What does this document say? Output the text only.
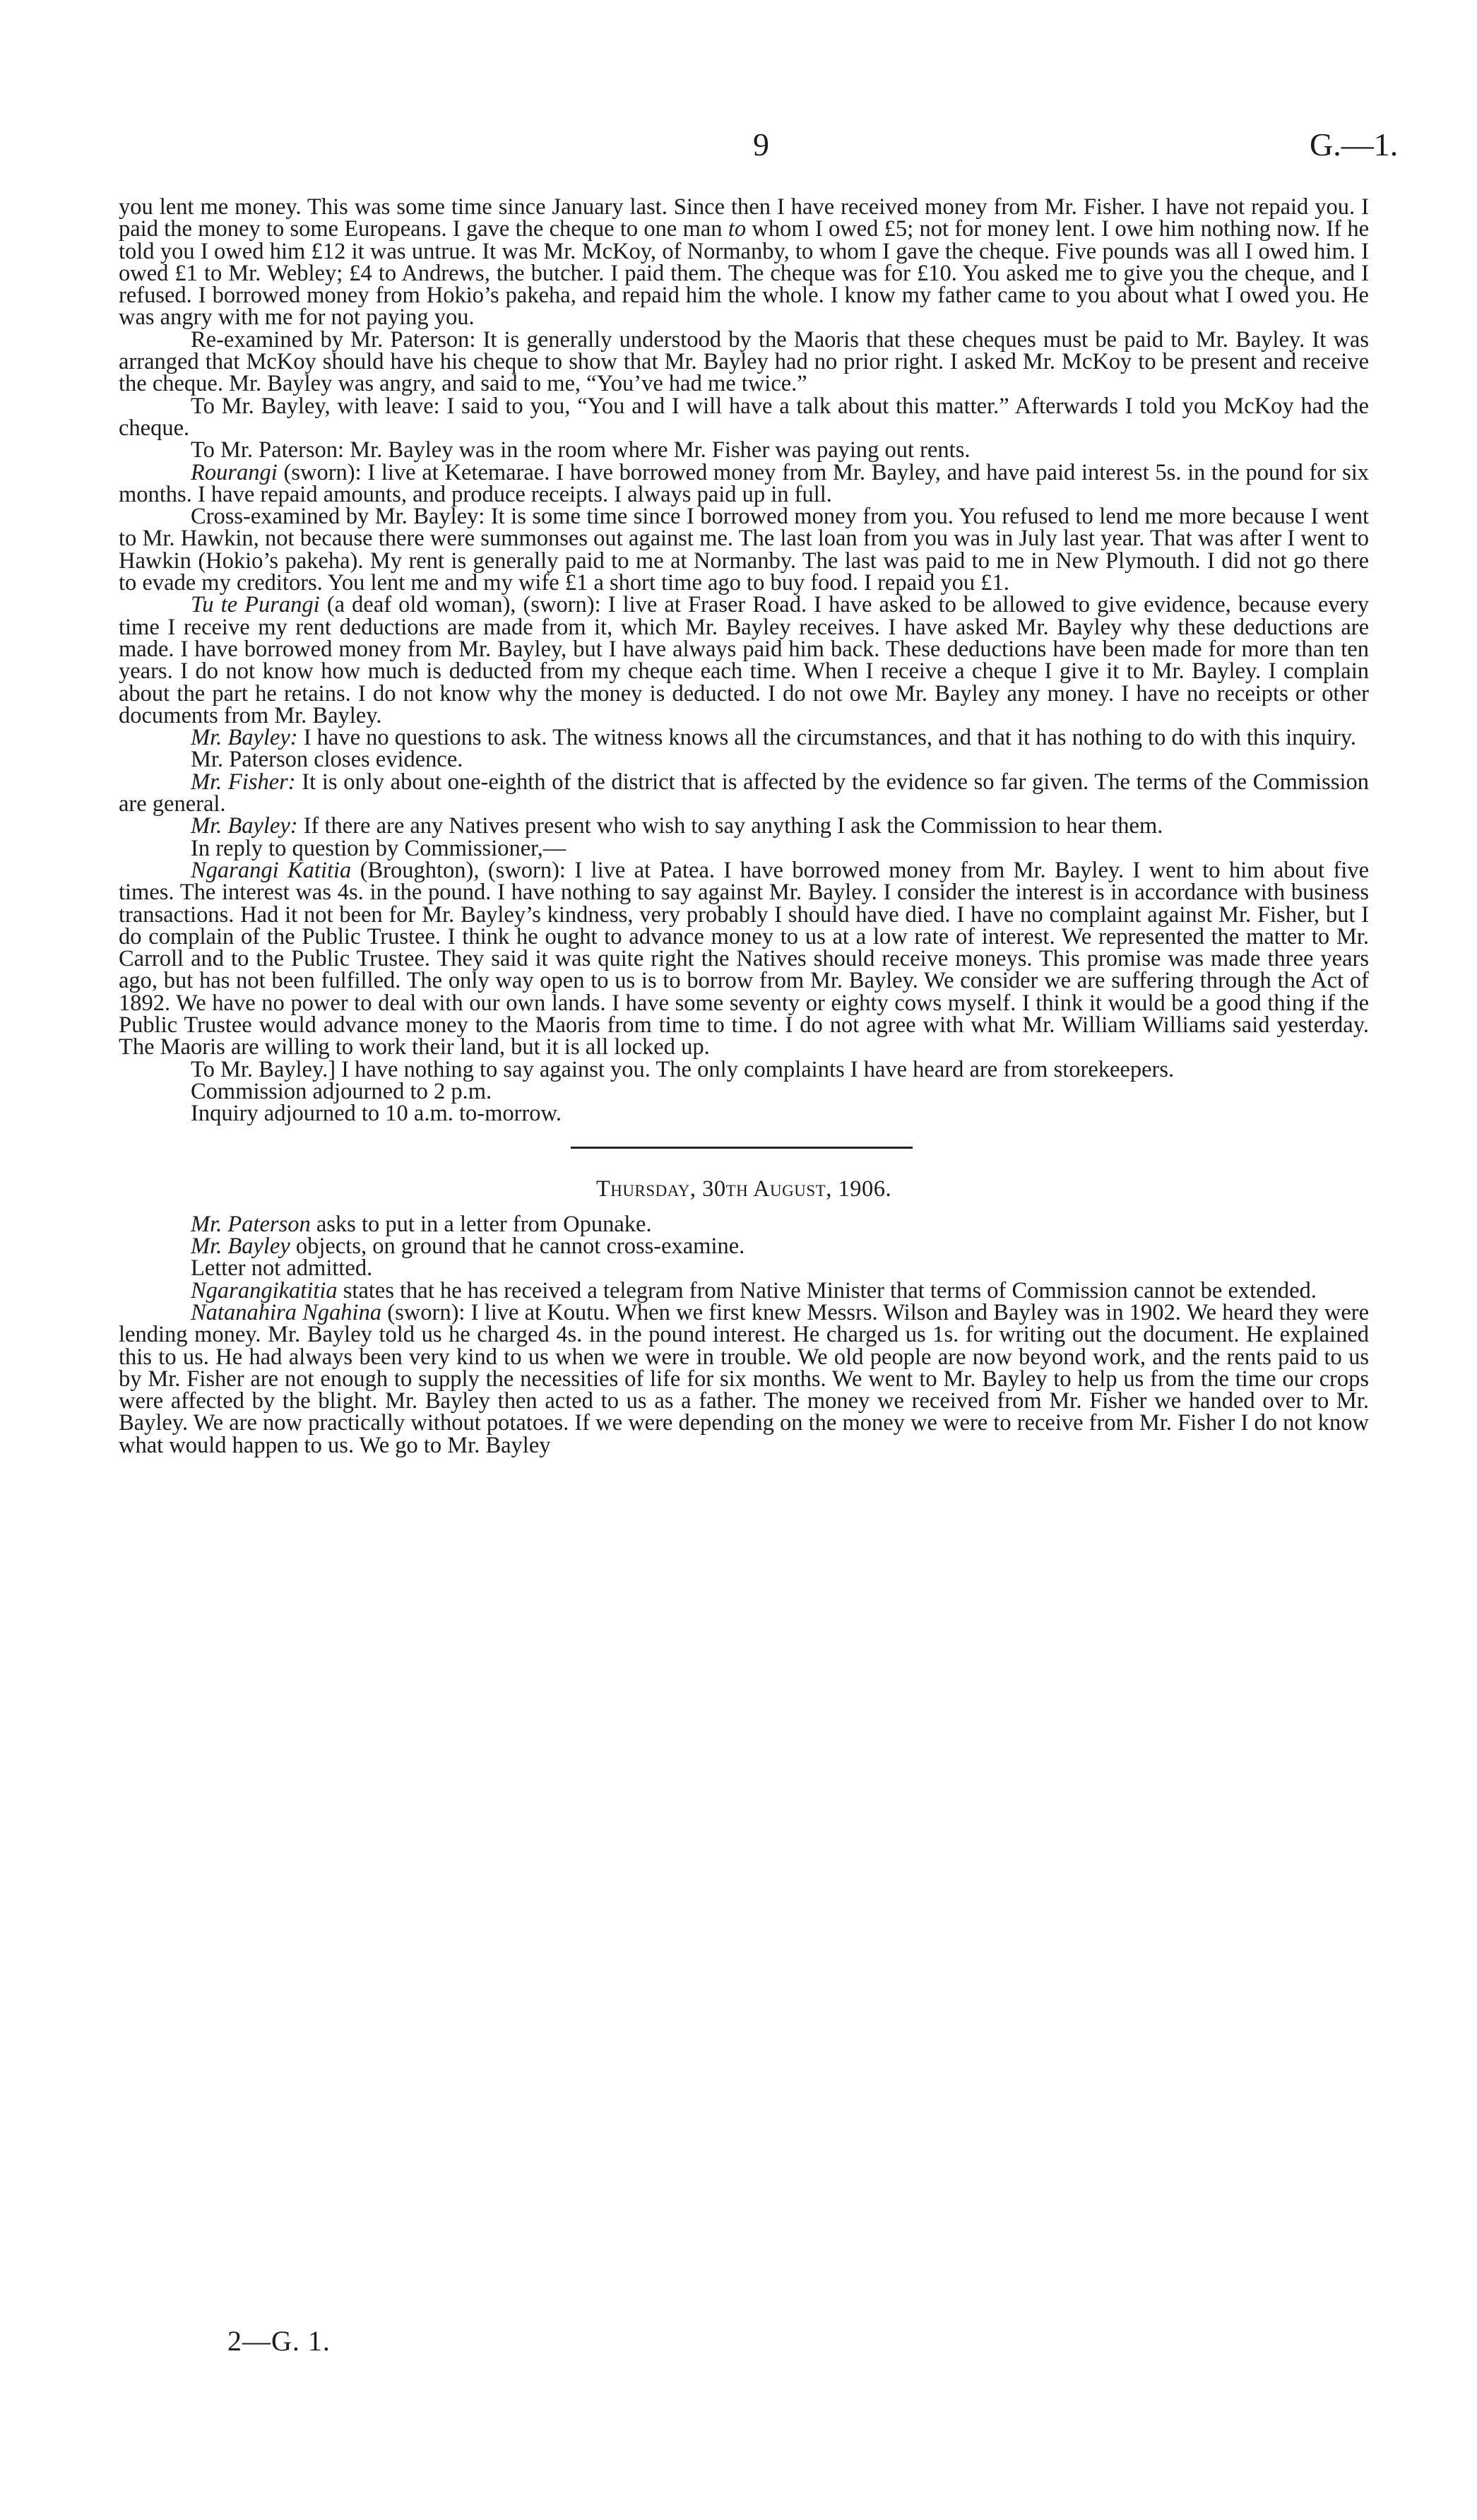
9	G.—1.

you lent me money. This was some time since January last. Since then I have received money from Mr. Fisher. I have not repaid you. I paid the money to some Europeans. I gave the cheque to one man to whom I owed £5; not for money lent. I owe him nothing now. If he told you I owed him £12 it was untrue. It was Mr. McKoy, of Normanby, to whom I gave the cheque. Five pounds was all I owed him. I owed £1 to Mr. Webley; £4 to Andrews, the butcher. I paid them. The cheque was for £10. You asked me to give you the cheque, and I refused. I borrowed money from Hokio’s pakeha, and repaid him the whole. I know my father came to you about what I owed you. He was angry with me for not paying you.

Re-examined by Mr. Paterson: It is generally understood by the Maoris that these cheques must be paid to Mr. Bayley. It was arranged that McKoy should have his cheque to show that Mr. Bayley had no prior right. I asked Mr. McKoy to be present and receive the cheque. Mr. Bayley was angry, and said to me, “You’ve had me twice.”

To Mr. Bayley, with leave: I said to you, “You and I will have a talk about this matter.” Afterwards I told you McKoy had the cheque.

To Mr. Paterson: Mr. Bayley was in the room where Mr. Fisher was paying out rents.

Rourangi (sworn): I live at Ketemarae. I have borrowed money from Mr. Bayley, and have paid interest 5s. in the pound for six months. I have repaid amounts, and produce receipts. I always paid up in full.

Cross-examined by Mr. Bayley: It is some time since I borrowed money from you. You refused to lend me more because I went to Mr. Hawkin, not because there were summonses out against me. The last loan from you was in July last year. That was after I went to Hawkin (Hokio’s pakeha). My rent is generally paid to me at Normanby. The last was paid to me in New Plymouth. I did not go there to evade my creditors. You lent me and my wife £1 a short time ago to buy food. I repaid you £1.

Tu te Purangi (a deaf old woman), (sworn): I live at Fraser Road. I have asked to be allowed to give evidence, because every time I receive my rent deductions are made from it, which Mr. Bayley receives. I have asked Mr. Bayley why these deductions are made. I have borrowed money from Mr. Bayley, but I have always paid him back. These deductions have been made for more than ten years. I do not know how much is deducted from my cheque each time. When I receive a cheque I give it to Mr. Bayley. I complain about the part he retains. I do not know why the money is deducted. I do not owe Mr. Bayley any money. I have no receipts or other documents from Mr. Bayley.

Mr. Bayley: I have no questions to ask. The witness knows all the circumstances, and that it has nothing to do with this inquiry.

Mr. Paterson closes evidence.

Mr. Fisher: It is only about one-eighth of the district that is affected by the evidence so far given. The terms of the Commission are general.

Mr. Bayley: If there are any Natives present who wish to say anything I ask the Commission to hear them.

In reply to question by Commissioner,—

Ngarangi Katitia (Broughton), (sworn): I live at Patea. I have borrowed money from Mr. Bayley. I went to him about five times. The interest was 4s. in the pound. I have nothing to say against Mr. Bayley. I consider the interest is in accordance with business transactions. Had it not been for Mr. Bayley’s kindness, very probably I should have died. I have no complaint against Mr. Fisher, but I do complain of the Public Trustee. I think he ought to advance money to us at a low rate of interest. We represented the matter to Mr. Carroll and to the Public Trustee. They said it was quite right the Natives should receive moneys. This promise was made three years ago, but has not been fulfilled. The only way open to us is to borrow from Mr. Bayley. We consider we are suffering through the Act of 1892. We have no power to deal with our own lands. I have some seventy or eighty cows myself. I think it would be a good thing if the Public Trustee would advance money to the Maoris from time to time. I do not agree with what Mr. William Williams said yesterday. The Maoris are willing to work their land, but it is all locked up.

To Mr. Bayley.] I have nothing to say against you. The only complaints I have heard are from storekeepers.

Commission adjourned to 2 p.m.

Inquiry adjourned to 10 a.m. to-morrow.

Thursday, 30th August, 1906.

Mr. Paterson asks to put in a letter from Opunake.

Mr. Bayley objects, on ground that he cannot cross-examine.

Letter not admitted.

Ngarangikatitia states that he has received a telegram from Native Minister that terms of Commission cannot be extended.

Natanahira Ngahina (sworn): I live at Koutu. When we first knew Messrs. Wilson and Bayley was in 1902. We heard they were lending money. Mr. Bayley told us he charged 4s. in the pound interest. He charged us 1s. for writing out the document. He explained this to us. He had always been very kind to us when we were in trouble. We old people are now beyond work, and the rents paid to us by Mr. Fisher are not enough to supply the necessities of life for six months. We went to Mr. Bayley to help us from the time our crops were affected by the blight. Mr. Bayley then acted to us as a father. The money we received from Mr. Fisher we handed over to Mr. Bayley. We are now practically without potatoes. If we were depending on the money we were to receive from Mr. Fisher I do not know what would happen to us. We go to Mr. Bayley

2—G. 1.
